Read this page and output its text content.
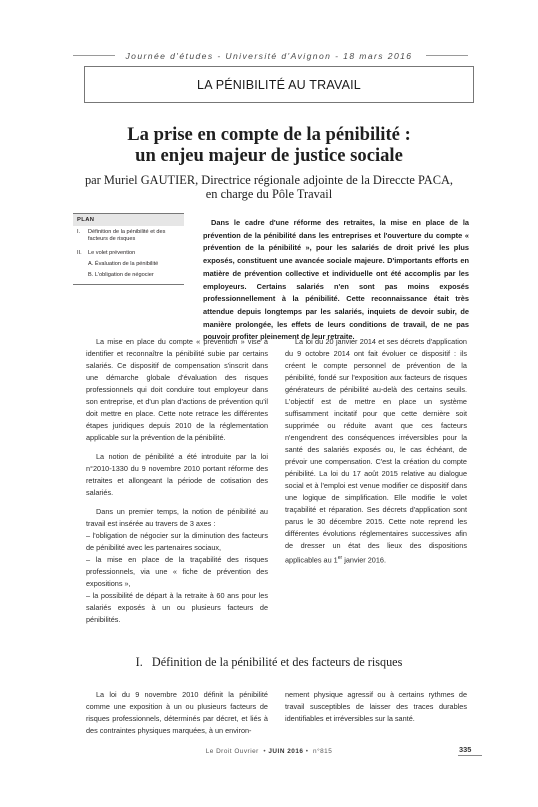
Journée d'études - Université d'Avignon - 18 mars 2016
LA PÉNIBILITÉ AU TRAVAIL
La prise en compte de la pénibilité :
un enjeu majeur de justice sociale
par Muriel GAUTIER, Directrice régionale adjointe de la Direccte PACA,
en charge du Pôle Travail
PLAN
I.	Définition de la pénibilité et des facteurs de risques
II.	Le volet prévention
A. Évaluation de la pénibilité
B. L'obligation de négocier
Dans le cadre d'une réforme des retraites, la mise en place de la prévention de la pénibilité dans les entreprises et l'ouverture du compte « prévention de la pénibilité », pour les salariés de droit privé les plus exposés, constituent une avancée sociale majeure. D'importants efforts en matière de prévention collective et individuelle ont été accomplis par les employeurs. Certains salariés n'en sont pas moins exposés professionnellement à la pénibilité. Cette reconnaissance était très attendue depuis longtemps par les salariés, inquiets de devoir subir, de manière prolongée, les effets de leurs conditions de travail, de ne pas pouvoir profiter pleinement de leur retraite.

La mise en place du compte « prévention » vise à identifier et reconnaître la pénibilité subie par certains salariés. Ce dispositif de compensation s'inscrit dans une démarche globale d'évaluation des risques professionnels qui doit conduire tout employeur dans son entreprise, et d'un plan d'actions de prévention qu'il doit mettre en place. Cette note retrace les différentes étapes juridiques depuis 2010 de la réglementation applicable sur la prévention de la pénibilité.

La notion de pénibilité a été introduite par la loi n°2010-1330 du 9 novembre 2010 portant réforme des retraites et allongeant la période de cotisation des salariés.

Dans un premier temps, la notion de pénibilité au travail est insérée au travers de 3 axes :

– l'obligation de négocier sur la diminution des facteurs de pénibilité avec les partenaires sociaux,

– la mise en place de la traçabilité des risques professionnels, via une « fiche de prévention des expositions »,

– la possibilité de départ à la retraite à 60 ans pour les salariés exposés à un ou plusieurs facteurs de pénibilités.

La loi du 20 janvier 2014 et ses décrets d'application du 9 octobre 2014 ont fait évoluer ce dispositif : ils créent le compte personnel de prévention de la pénibilité, fondé sur l'exposition aux facteurs de risques générateurs de pénibilité au-delà des certains seuils. L'objectif est de mettre en place un système suffisamment incitatif pour que cette dernière soit supprimée ou réduite avant que ces facteurs n'engendrent des conséquences irréversibles pour la santé des salariés exposés ou, le cas échéant, de prévoir une compensation. C'est la création du compte pénibilité. La loi du 17 août 2015 relative au dialogue social et à l'emploi est venue modifier ce dispositif dans une logique de simplification. Elle modifie le volet traçabilité et réparation. Ses décrets d'application sont parus le 30 décembre 2015. Cette note reprend les différentes évolutions réglementaires successives afin de dresser un état des lieux des dispositions applicables au 1er janvier 2016.

I. Définition de la pénibilité et des facteurs de risques

La loi du 9 novembre 2010 définit la pénibilité comme une exposition à un ou plusieurs facteurs de risques professionnels, déterminés par décret, et liés à des contraintes physiques marquées, à un environ-

nement physique agressif ou à certains rythmes de travail susceptibles de laisser des traces durables identifiables et irréversibles sur la santé.

Le Droit Ouvrier  • JUIN 2016 •  n°815	335
